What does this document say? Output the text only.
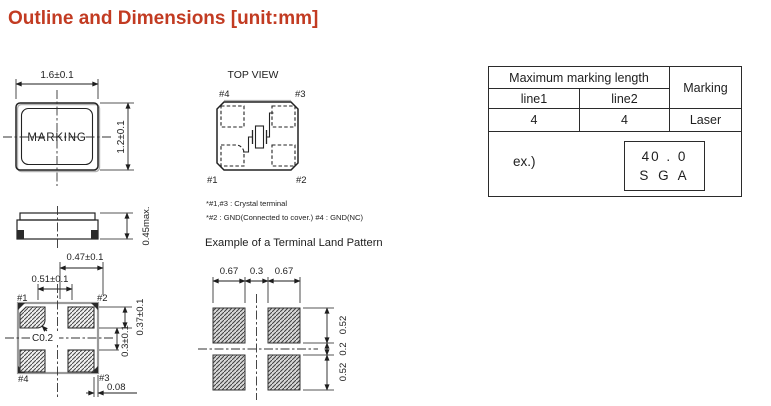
Outline and Dimensions [unit:mm]
MARKING
1.6±0.1
1.2±0.1
TOP VIEW
#4	#3
#1	#2
*#1,#3 : Crystal terminal
*#2 : GND(Connected to cover.) #4 : GND(NC)
Example of a Terminal Land Pattern
0.45max.
0.47±0.1
0.51±0.1
#1	#2
#4	#3
0.37±0.1
0.3±0.1
C0.2
0.08
0.67 0.3 0.67
0.52
0.2
0.52
Maximum marking length		Marking
line1	line2	
4	4	Laser

ex.) 40 . 0
S G A		
